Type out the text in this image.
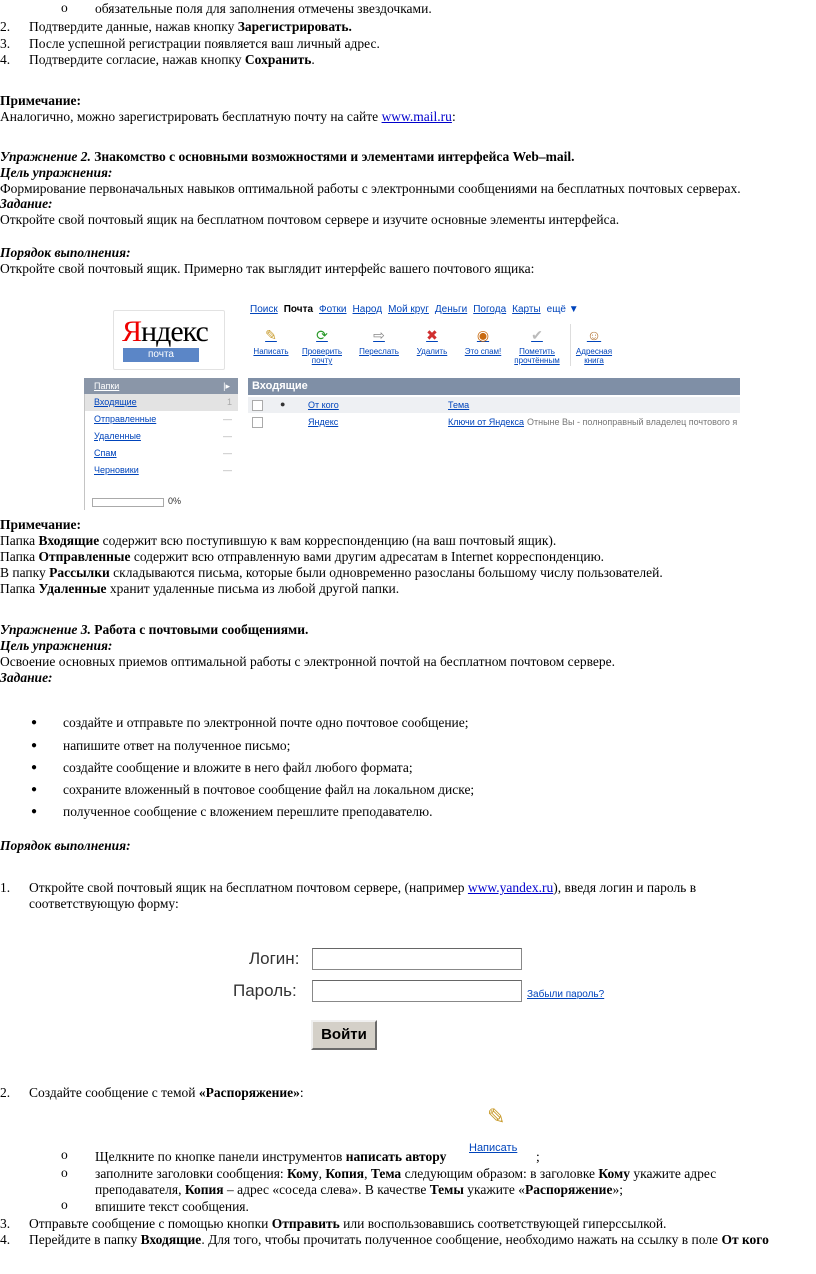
o обязательные поля для заполнения отмечены звездочками.
2. Подтвердите данные, нажав кнопку Зарегистрировать.
3. После успешной регистрации появляется ваш личный адрес.
4. Подтвердите согласие, нажав кнопку Сохранить.
Примечание:
Аналогично, можно зарегистрировать бесплатную почту на сайте www.mail.ru:
Упражнение 2. Знакомство с основными возможностями и элементами интерфейса Web–mail.
Цель упражнения:
Формирование первоначальных навыков оптимальной работы с электронными сообщениями на бесплатных почтовых серверах.
Задание:
Откройте свой почтовый ящик на бесплатном почтовом сервере и изучите основные элементы интерфейса.
Порядок выполнения:
Откройте свой почтовый ящик. Примерно так выглядит интерфейс вашего почтового ящика:
Яндекс
почта
Поиск Почта Фотки Народ Мой круг Деньги Погода Карты ещё ▼
✎
Написать
⟳
Проверить почту
⇨
Переслать
✖
Удалить
◉
Это спам!
✔
Пометить прочтённым
☺
Адресная книга
Папки	|▸
Входящие	1
Отправленные	—
Удаленные	—
Спам	—
Черновики	—
0%
Входящие
●	От кого	Тема
Яндекс	Ключи от Яндекса Отныне Вы - полноправный владелец почтового я
Примечание:
Папка Входящие содержит всю поступившую к вам корреспонденцию (на ваш почтовый ящик).
Папка Отправленные содержит всю отправленную вами другим адресатам в Internet корреспонденцию.
В папку Рассылки складываются письма, которые были одновременно разосланы большому числу пользователей.
Папка Удаленные хранит удаленные письма из любой другой папки.
Упражнение 3. Работа с почтовыми сообщениями.
Цель упражнения:
Освоение основных приемов оптимальной работы с электронной почтой на бесплатном почтовом сервере.
Задание:
● создайте и отправьте по электронной почте одно почтовое сообщение;
● напишите ответ на полученное письмо;
● создайте сообщение и вложите в него файл любого формата;
● сохраните вложенный в почтовое сообщение файл на локальном диске;
● полученное сообщение с вложением перешлите преподавателю.
Порядок выполнения:
1. Откройте свой почтовый ящик на бесплатном почтовом сервере, (например www.yandex.ru), введя логин и пароль в
соответствующую форму:
Логин:
Пароль:	Забыли пароль?
Войти
2. Создайте сообщение с темой «Распоряжение»:
✎
o Щелкните по кнопке панели инструментов написать автору
Написать
;
o заполните заголовки сообщения: Кому, Копия, Тема следующим образом: в заголовке Кому укажите адрес
преподавателя, Копия – адрес «соседа слева». В качестве Темы укажите «Распоряжение»;
o впишите текст сообщения.
3. Отправьте сообщение с помощью кнопки Отправить или воспользовавшись соответствующей гиперссылкой.
4. Перейдите в папку Входящие. Для того, чтобы прочитать полученное сообщение, необходимо нажать на ссылку в поле От кого
